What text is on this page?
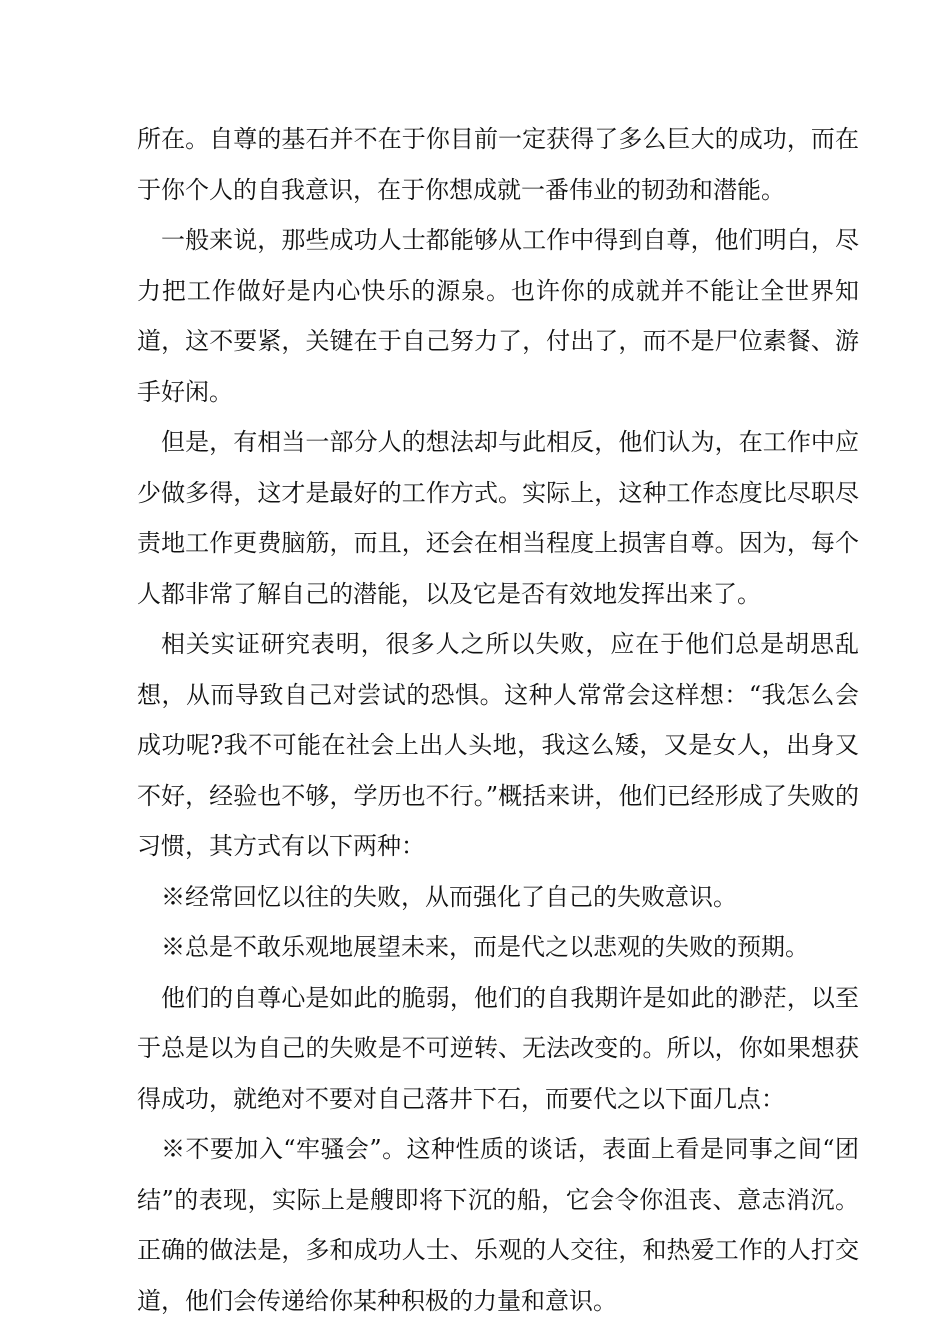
所在。自尊的基石并不在于你目前一定获得了多么巨大的成功，而在于你个人的自我意识，在于你想成就一番伟业的韧劲和潜能。

一般来说，那些成功人士都能够从工作中得到自尊，他们明白，尽力把工作做好是内心快乐的源泉。也许你的成就并不能让全世界知道，这不要紧，关键在于自己努力了，付出了，而不是尸位素餐、游手好闲。

但是，有相当一部分人的想法却与此相反，他们认为，在工作中应少做多得，这才是最好的工作方式。实际上，这种工作态度比尽职尽责地工作更费脑筋，而且，还会在相当程度上损害自尊。因为，每个人都非常了解自己的潜能，以及它是否有效地发挥出来了。

相关实证研究表明，很多人之所以失败，应在于他们总是胡思乱想，从而导致自己对尝试的恐惧。这种人常常会这样想：“我怎么会成功呢?我不可能在社会上出人头地，我这么矮，又是女人，出身又不好，经验也不够，学历也不行。”概括来讲，他们已经形成了失败的习惯，其方式有以下两种：

※经常回忆以往的失败，从而强化了自己的失败意识。

※总是不敢乐观地展望未来，而是代之以悲观的失败的预期。

他们的自尊心是如此的脆弱，他们的自我期许是如此的渺茫，以至于总是以为自己的失败是不可逆转、无法改变的。所以，你如果想获得成功，就绝对不要对自己落井下石，而要代之以下面几点：

※不要加入“牢骚会”。这种性质的谈话，表面上看是同事之间“团结”的表现，实际上是艘即将下沉的船，它会令你沮丧、意志消沉。正确的做法是，多和成功人士、乐观的人交往，和热爱工作的人打交道，他们会传递给你某种积极的力量和意识。
